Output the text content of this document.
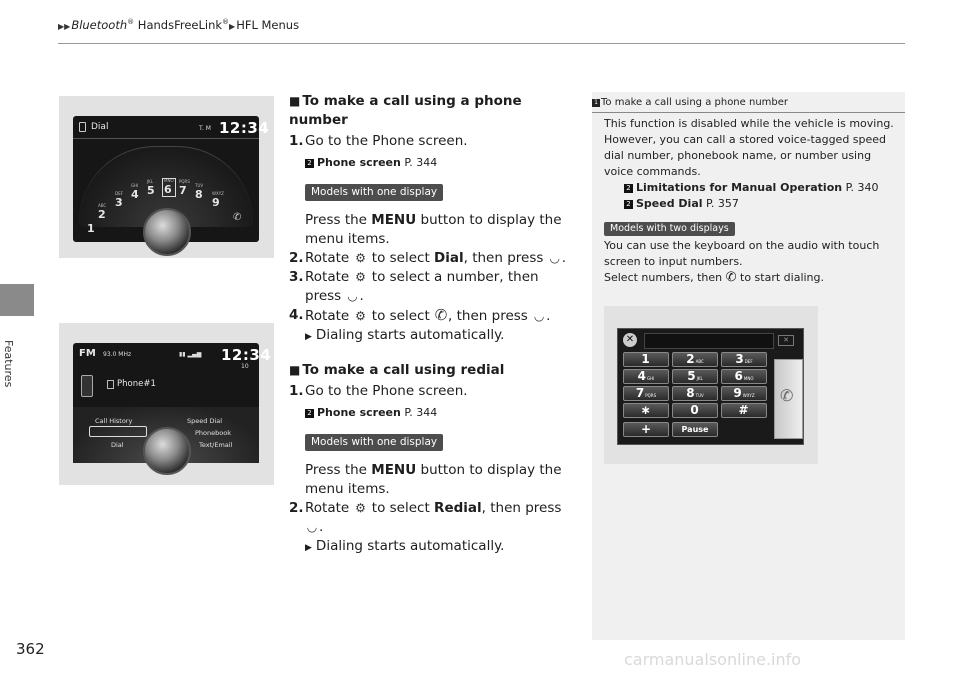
▶▶Bluetooth® HandsFreeLink®▶HFL Menus
Features
362
carmanualsonline.info
Dial	T. M 12:34
1
ABC
2
DEF
3
GHI
4
JKL
5
MNO
6
PQRS
7	TUV
8 WXYZ
9
✆
FM 93.0 MHz	▮▮ ▂▄▆ 12:34
10
Phone#1
Call History	Speed Dial
Phonebook
Dial	Text/Email
■ To make a call using a phone number
1. Go to the Phone screen.
2 Phone screen P. 344
Models with one display
Press the MENU button to display the menu items.
2. Rotate ⚙ to select Dial, then press ◡ .
3. Rotate ⚙ to select a number, then press ◡ .
4. Rotate ⚙ to select ✆, then press ◡ .
▶ Dialing starts automatically.
■ To make a call using redial
1. Go to the Phone screen.
2 Phone screen P. 344
Models with one display
Press the MENU button to display the menu items.
2. Rotate ⚙ to select Redial, then press ◡ .
▶ Dialing starts automatically.
1 To make a call using a phone number
This function is disabled while the vehicle is moving. However, you can call a stored voice-tagged speed dial number, phonebook name, or number using voice commands.
2 Limitations for Manual Operation P. 340
2 Speed Dial P. 357
Models with two displays
You can use the keyboard on the audio with touch screen to input numbers.
Select numbers, then ✆ to start dialing.
✕	✕
+	Pause
✆
1	2ABC	3DEF
4GHI	5JKL	6MNO
7PQRS	8TUV	9WXYZ
∗	0	#
